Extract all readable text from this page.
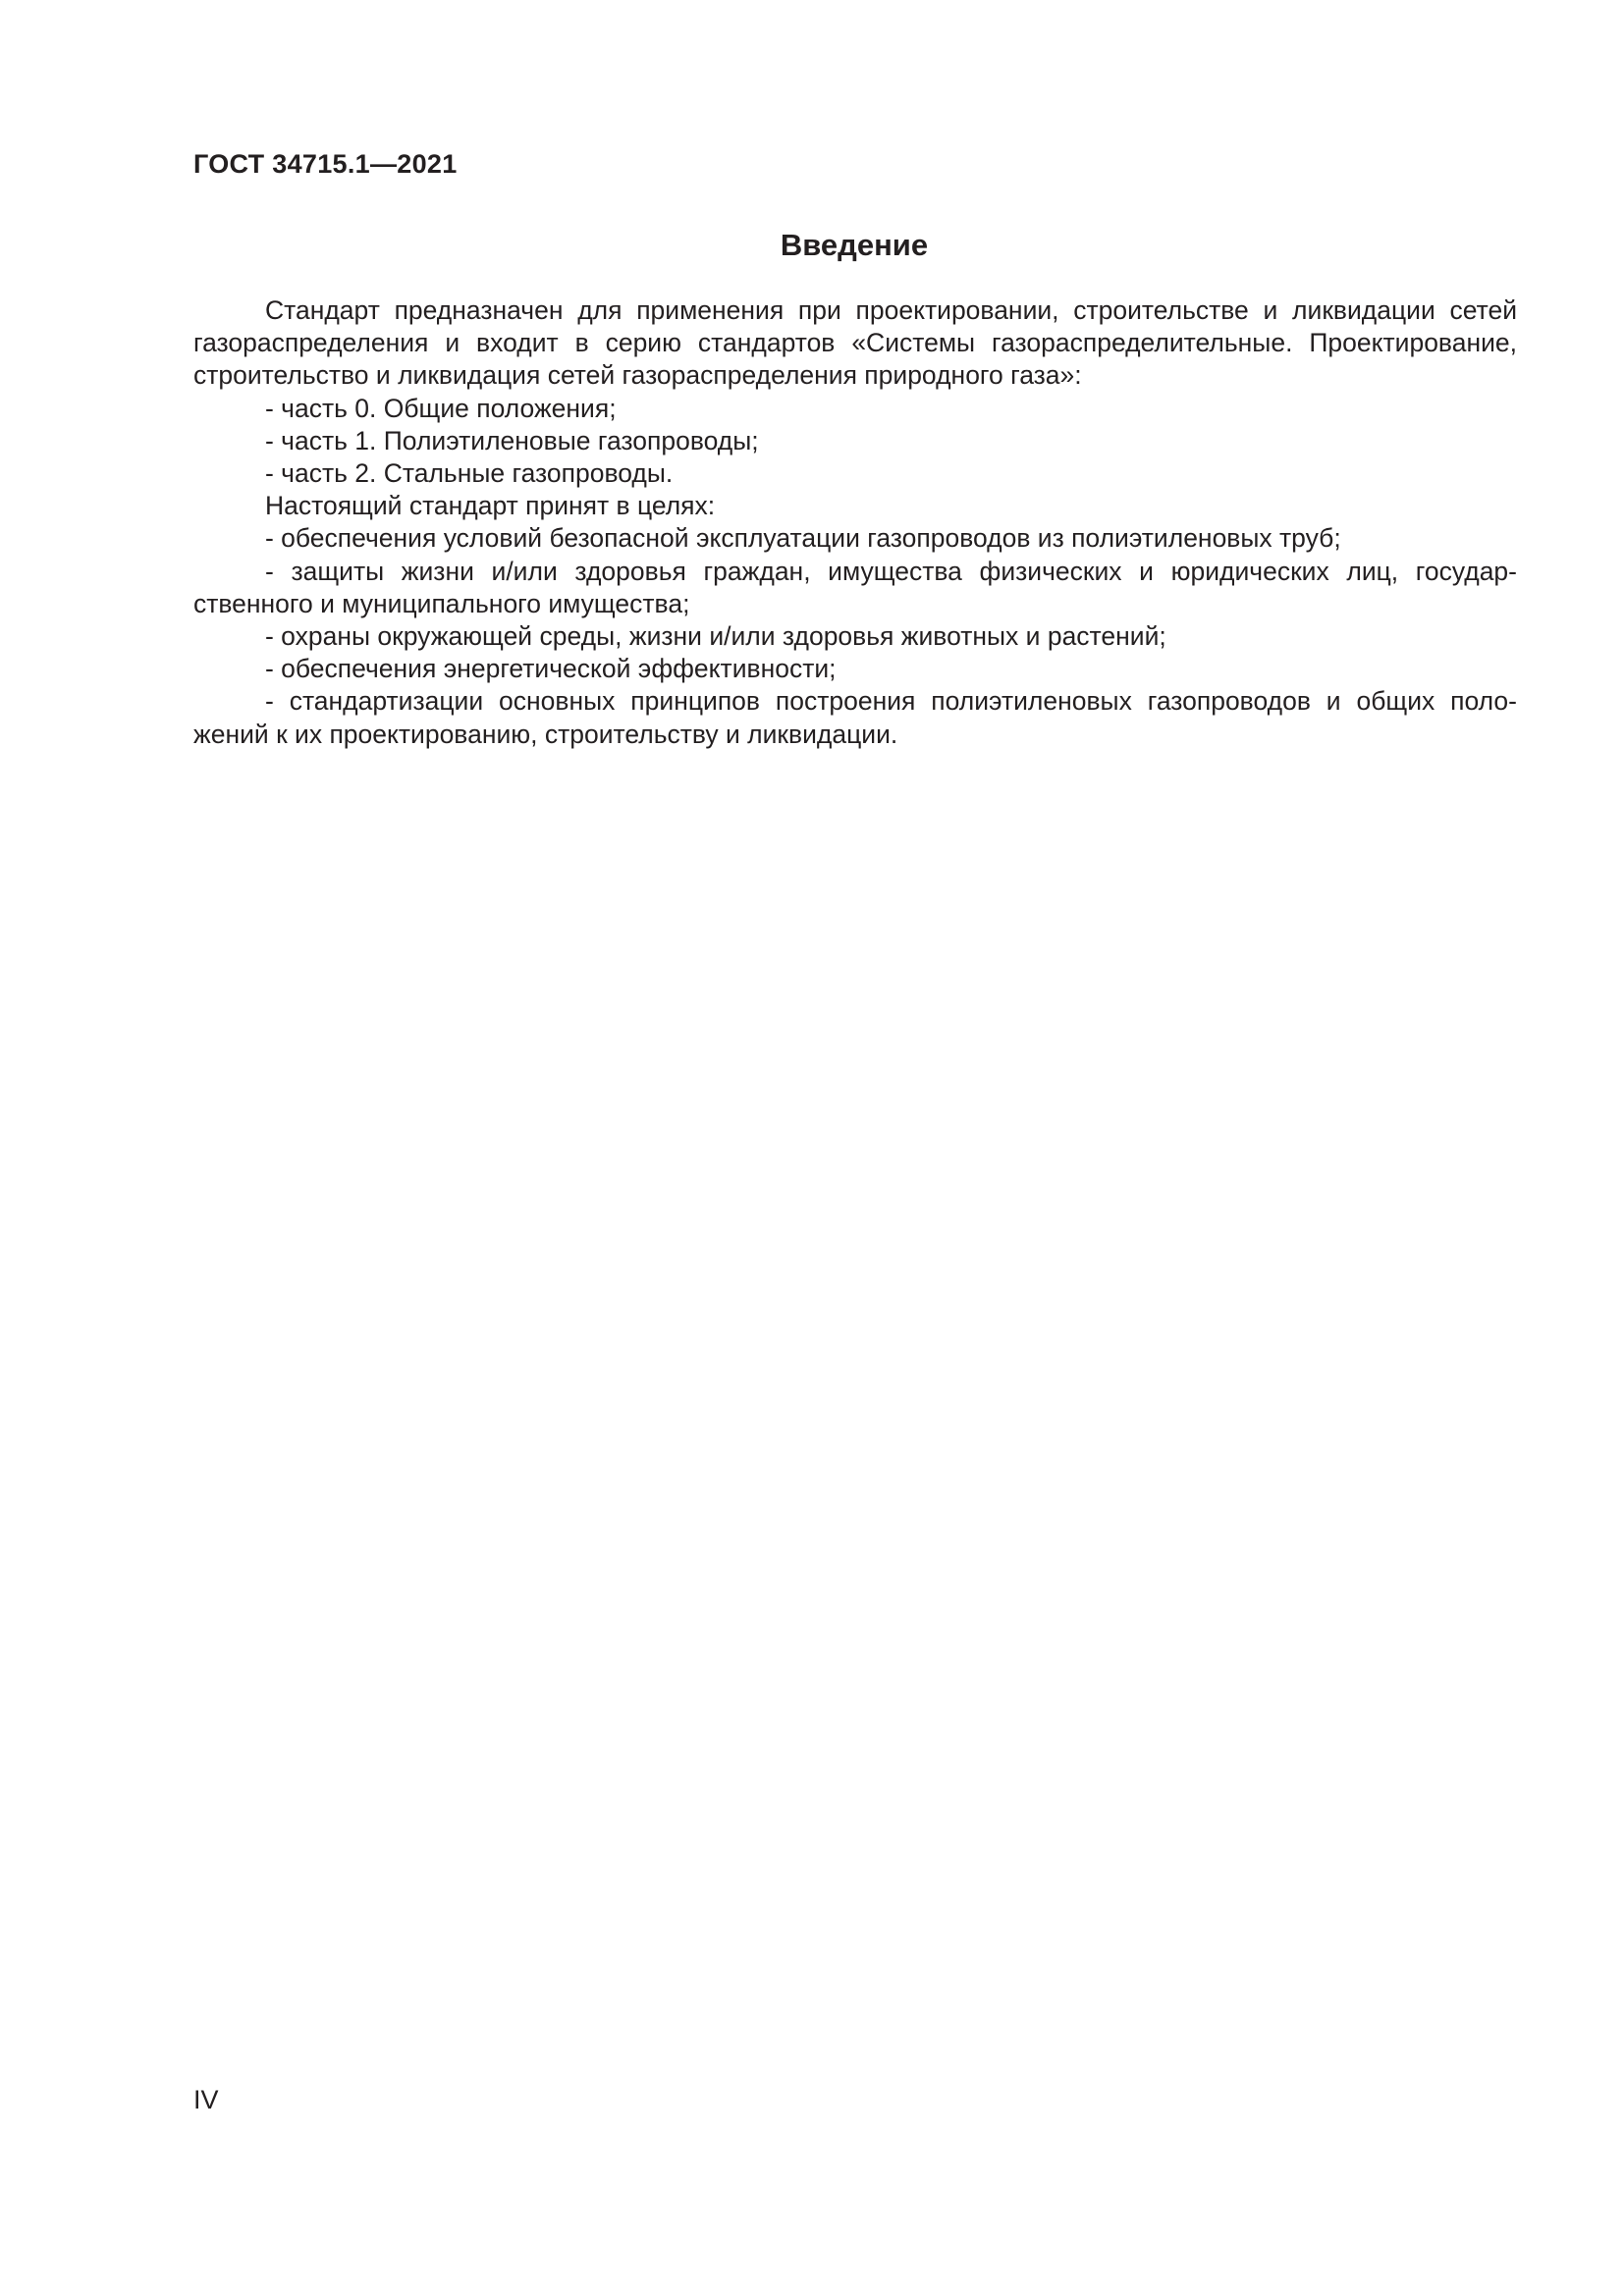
ГОСТ 34715.1—2021
Введение
Стандарт предназначен для применения при проектировании, строительстве и ликвидации сетей
газораспределения и входит в серию стандартов «Системы газораспределительные. Проектирование,
строительство и ликвидация сетей газораспределения природного газа»:
- часть 0. Общие положения;
- часть 1. Полиэтиленовые газопроводы;
- часть 2. Стальные газопроводы.
Настоящий стандарт принят в целях:
- обеспечения условий безопасной эксплуатации газопроводов из полиэтиленовых труб;
- защиты жизни и/или здоровья граждан, имущества физических и юридических лиц, государ-
ственного и муниципального имущества;
- охраны окружающей среды, жизни и/или здоровья животных и растений;
- обеспечения энергетической эффективности;
- стандартизации основных принципов построения полиэтиленовых газопроводов и общих поло-
жений к их проектированию, строительству и ликвидации.
IV
